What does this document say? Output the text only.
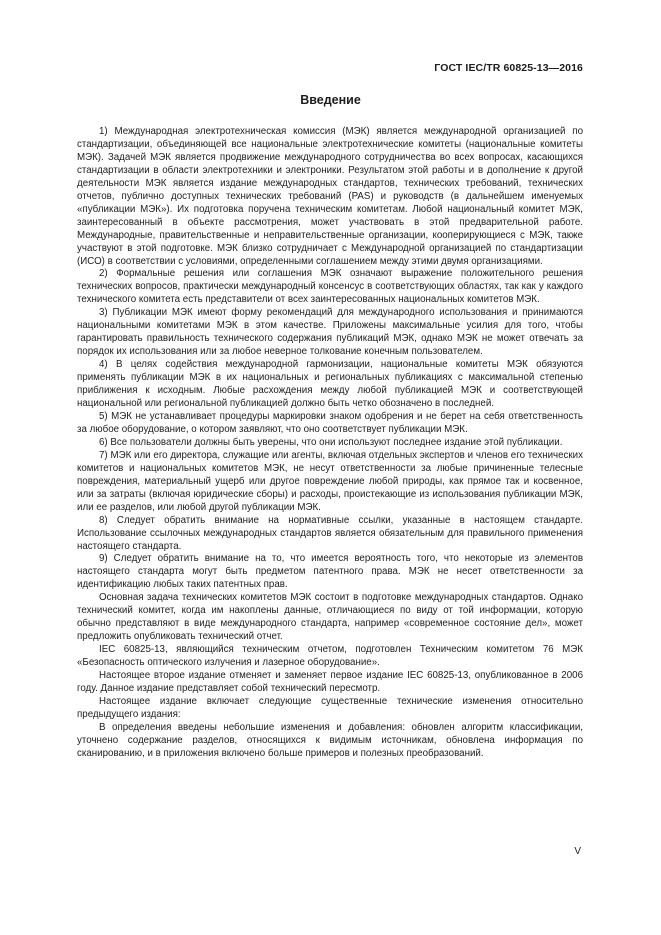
ГОСТ IEC/TR 60825-13—2016
Введение

1) Международная электротехническая комиссия (МЭК) является международной организацией по стандартизации, объединяющей все национальные электротехнические комитеты (национальные комитеты МЭК). Задачей МЭК является продвижение международного сотрудничества во всех вопросах, касающихся стандартизации в области электротехники и электроники. Результатом этой работы и в дополнение к другой деятельности МЭК является издание международных стандартов, технических требований, технических отчетов, публично доступных технических требований (PAS) и руководств (в дальнейшем именуемых «публикации МЭК»). Их подготовка поручена техническим комитетам. Любой национальный комитет МЭК, заинтересованный в объекте рассмотрения, может участвовать в этой предварительной работе. Международные, правительственные и неправительственные организации, кооперирующиеся с МЭК, также участвуют в этой подготовке. МЭК близко сотрудничает с Международной организацией по стандартизации (ИСО) в соответствии с условиями, определенными соглашением между этими двумя организациями.

2) Формальные решения или соглашения МЭК означают выражение положительного решения технических вопросов, практически международный консенсус в соответствующих областях, так как у каждого технического комитета есть представители от всех заинтересованных национальных комитетов МЭК.

3) Публикации МЭК имеют форму рекомендаций для международного использования и принимаются национальными комитетами МЭК в этом качестве. Приложены максимальные усилия для того, чтобы гарантировать правильность технического содержания публикаций МЭК, однако МЭК не может отвечать за порядок их использования или за любое неверное толкование конечным пользователем.

4) В целях содействия международной гармонизации, национальные комитеты МЭК обязуются применять публикации МЭК в их национальных и региональных публикациях с максимальной степенью приближения к исходным. Любые расхождения между любой публикацией МЭК и соответствующей национальной или региональной публикацией должно быть четко обозначено в последней.

5) МЭК не устанавливает процедуры маркировки знаком одобрения и не берет на себя ответственность за любое оборудование, о котором заявляют, что оно соответствует публикации МЭК.

6) Все пользователи должны быть уверены, что они используют последнее издание этой публикации.

7) МЭК или его директора, служащие или агенты, включая отдельных экспертов и членов его технических комитетов и национальных комитетов МЭК, не несут ответственности за любые причиненные телесные повреждения, материальный ущерб или другое повреждение любой природы, как прямое так и косвенное, или за затраты (включая юридические сборы) и расходы, проистекающие из использования публикации МЭК, или ее разделов, или любой другой публикации МЭК.

8) Следует обратить внимание на нормативные ссылки, указанные в настоящем стандарте. Использование ссылочных международных стандартов является обязательным для правильного применения настоящего стандарта.

9) Следует обратить внимание на то, что имеется вероятность того, что некоторые из элементов настоящего стандарта могут быть предметом патентного права. МЭК не несет ответственности за идентификацию любых таких патентных прав.

Основная задача технических комитетов МЭК состоит в подготовке международных стандартов. Однако технический комитет, когда им накоплены данные, отличающиеся по виду от той информации, которую обычно представляют в виде международного стандарта, например «современное состояние дел», может предложить опубликовать технический отчет.

IEC 60825-13, являющийся техническим отчетом, подготовлен Техническим комитетом 76 МЭК «Безопасность оптического излучения и лазерное оборудование».

Настоящее второе издание отменяет и заменяет первое издание IEC 60825-13, опубликованное в 2006 году. Данное издание представляет собой технический пересмотр.

Настоящее издание включает следующие существенные технические изменения относительно предыдущего издания:

В определения введены небольшие изменения и добавления: обновлен алгоритм классификации, уточнено содержание разделов, относящихся к видимым источникам, обновлена информация по сканированию, и в приложения включено больше примеров и полезных преобразований.

V
